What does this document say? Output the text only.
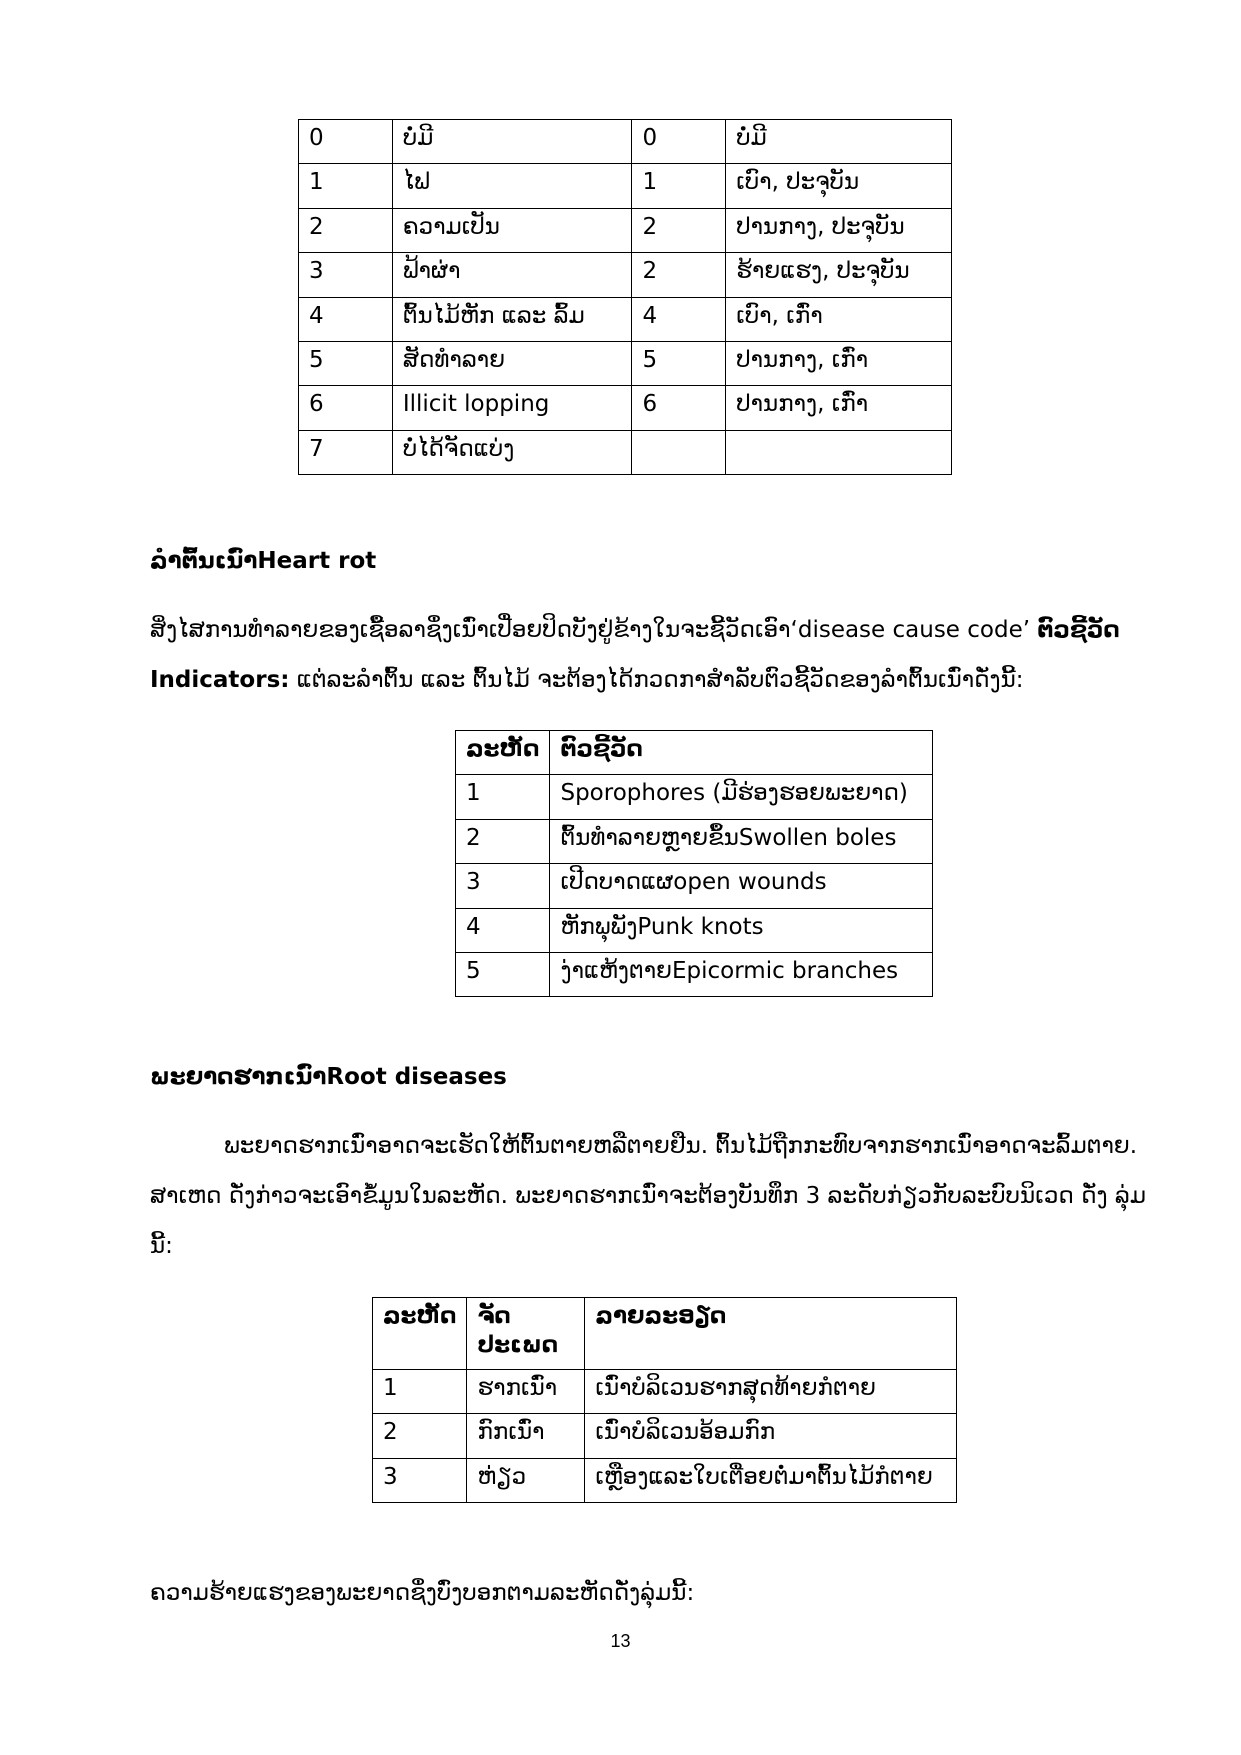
0	ບໍ່ມີ	0	ບໍ່ມີ
1	ໄຟ	1	ເບົາ, ປະຈຸບັນ
2	ຄວາມເປັນ	2	ປານກາງ, ປະຈຸບັນ
3	ຟ້າຜ່າ	2	ຮ້າຍແຮງ, ປະຈຸບັນ
4	ຕົ້ນໄມ້ຫັກ ແລະ ລົ້ມ	4	ເບົາ, ເກົ່າ
5	ສັດທໍາລາຍ	5	ປານກາງ, ເກົ່າ
6	Illicit lopping	6	ປານກາງ, ເກົ່າ
7	ບໍ່ໄດ້ຈັດແບ່ງ		
ລໍາຕົ້ນເນົ່າHeart rot
ສິ່ງໄສການທໍາລາຍຂອງເຊື້ອລາຊຶ່ງເນົ່າເປື່ອຍປິດບັງຢູ່ຂ້າງໃນຈະຊີ້ວັດເອົາ‘disease cause code’ ຕົວຊີ້ວັດ
Indicators: ແຕ່ລະລໍາຕົ້ນ ແລະ ຕົ້ນໄມ້ ຈະຕ້ອງໄດ້ກວດກາສໍາລັບຕົວຊີ້ວັດຂອງລໍາຕົ້ນເນົ່າດັ່ງນີ້:
ລະຫັດ	ຕົວຊີ້ວັດ
1	Sporophores (ມີຮ່ອງຮອຍພະຍາດ)
2	ຕົ້ນທໍາລາຍຫຼາຍຂຶ້ນSwollen boles
3	ເປີດບາດແຜopen wounds
4	ຫັກພຸພັງPunk knots
5	ງ່າແຫ້ງຕາຍEpicormic branches
ພະຍາດຮາກເນົ່າRoot diseases
ພະຍາດຮາກເນົ່າອາດຈະເຮັດໃຫ້ຕົ້ນຕາຍຫລືຕາຍຢືນ. ຕົ້ນໄມ້ຖືກກະທົບຈາກຮາກເນົ່າອາດຈະລົ້ມຕາຍ.
ສາເຫດ ດັ່ງກ່າວຈະເອົາຂໍ້ມູນໃນລະຫັດ. ພະຍາດຮາກເນົ່າຈະຕ້ອງບັນທຶກ 3 ລະດັບກ່ຽວກັບລະບົບນິເວດ ດັ່ງ ລຸ່ມ
ນີ້:
ລະຫັດ	ຈັດ ປະເພດ	ລາຍລະອຽດ
1	ຮາກເນົ່າ	ເນົ່າບໍລິເວນຮາກສຸດທ້າຍກໍຕາຍ
2	ກົກເນົ່າ	ເນົ່າບໍລິເວນອ້ອມກົກ
3	ຫ່ຽວ	ເຫຼືອງແລະໃບເຕື່ອຍຕໍ່ມາຕົ້ນໄມ້ກໍຕາຍ
ຄວາມຮ້າຍແຮງຂອງພະຍາດຊຶ່ງບົ່ງບອກຕາມລະຫັດດັ່ງລຸ່ມນີ້:
13
